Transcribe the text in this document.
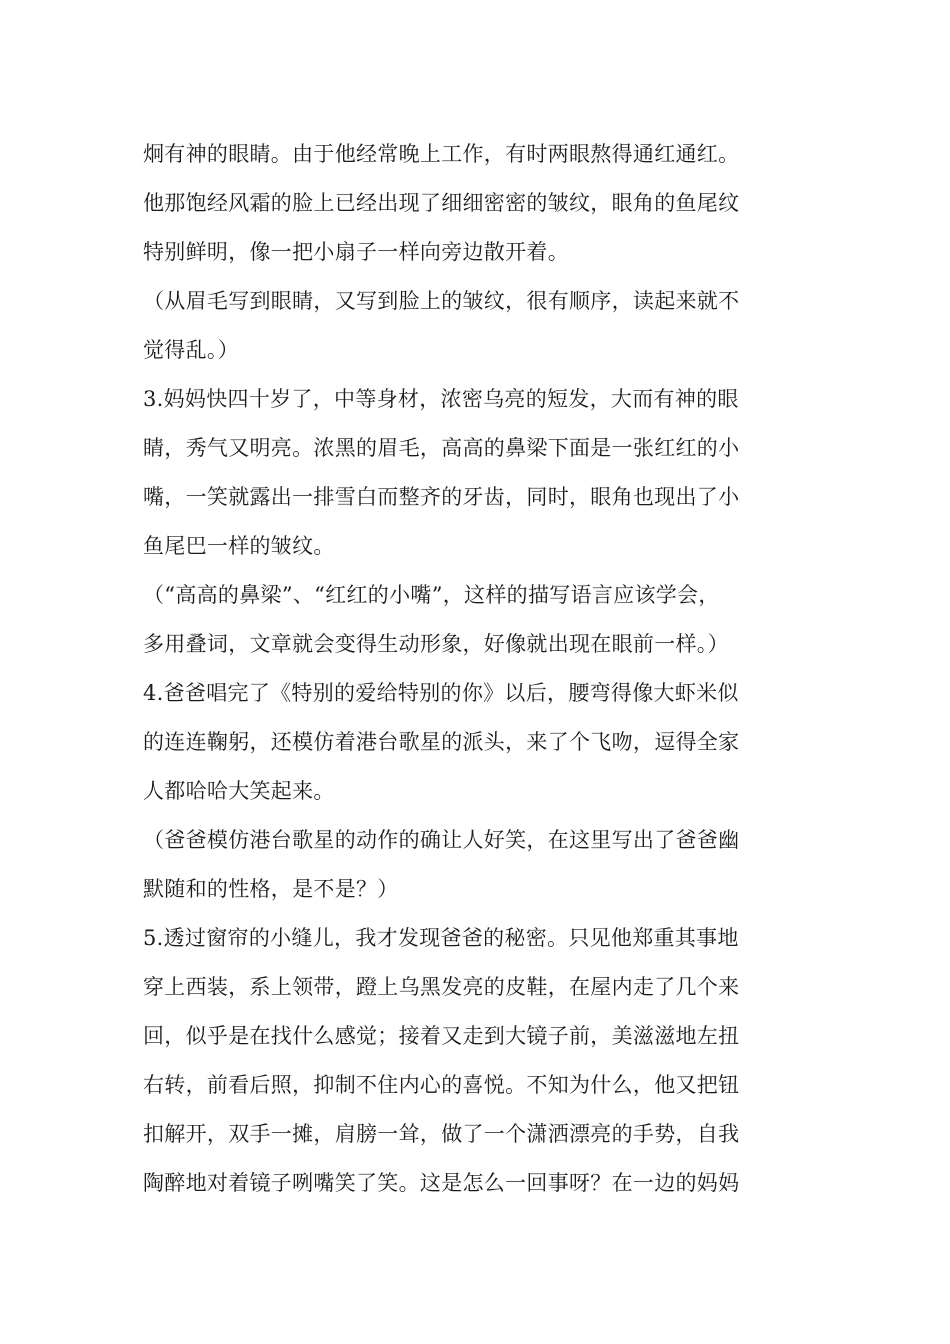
炯有神的眼睛。由于他经常晚上工作，有时两眼熬得通红通红。
他那饱经风霜的脸上已经出现了细细密密的皱纹，眼角的鱼尾纹
特别鲜明，像一把小扇子一样向旁边散开着。
（从眉毛写到眼睛，又写到脸上的皱纹，很有顺序，读起来就不
觉得乱。）
3.妈妈快四十岁了，中等身材，浓密乌亮的短发，大而有神的眼
睛，秀气又明亮。浓黑的眉毛，高高的鼻梁下面是一张红红的小
嘴，一笑就露出一排雪白而整齐的牙齿，同时，眼角也现出了小
鱼尾巴一样的皱纹。
（“高高的鼻梁”、“红红的小嘴”，这样的描写语言应该学会，
多用叠词，文章就会变得生动形象，好像就出现在眼前一样。）
4.爸爸唱完了《特别的爱给特别的你》以后，腰弯得像大虾米似
的连连鞠躬，还模仿着港台歌星的派头，来了个飞吻，逗得全家
人都哈哈大笑起来。
（爸爸模仿港台歌星的动作的确让人好笑，在这里写出了爸爸幽
默随和的性格，是不是？）
5.透过窗帘的小缝儿，我才发现爸爸的秘密。只见他郑重其事地
穿上西装，系上领带，蹬上乌黑发亮的皮鞋，在屋内走了几个来
回，似乎是在找什么感觉；接着又走到大镜子前，美滋滋地左扭
右转，前看后照，抑制不住内心的喜悦。不知为什么，他又把钮
扣解开，双手一摊，肩膀一耸，做了一个潇洒漂亮的手势，自我
陶醉地对着镜子咧嘴笑了笑。这是怎么一回事呀？在一边的妈妈
